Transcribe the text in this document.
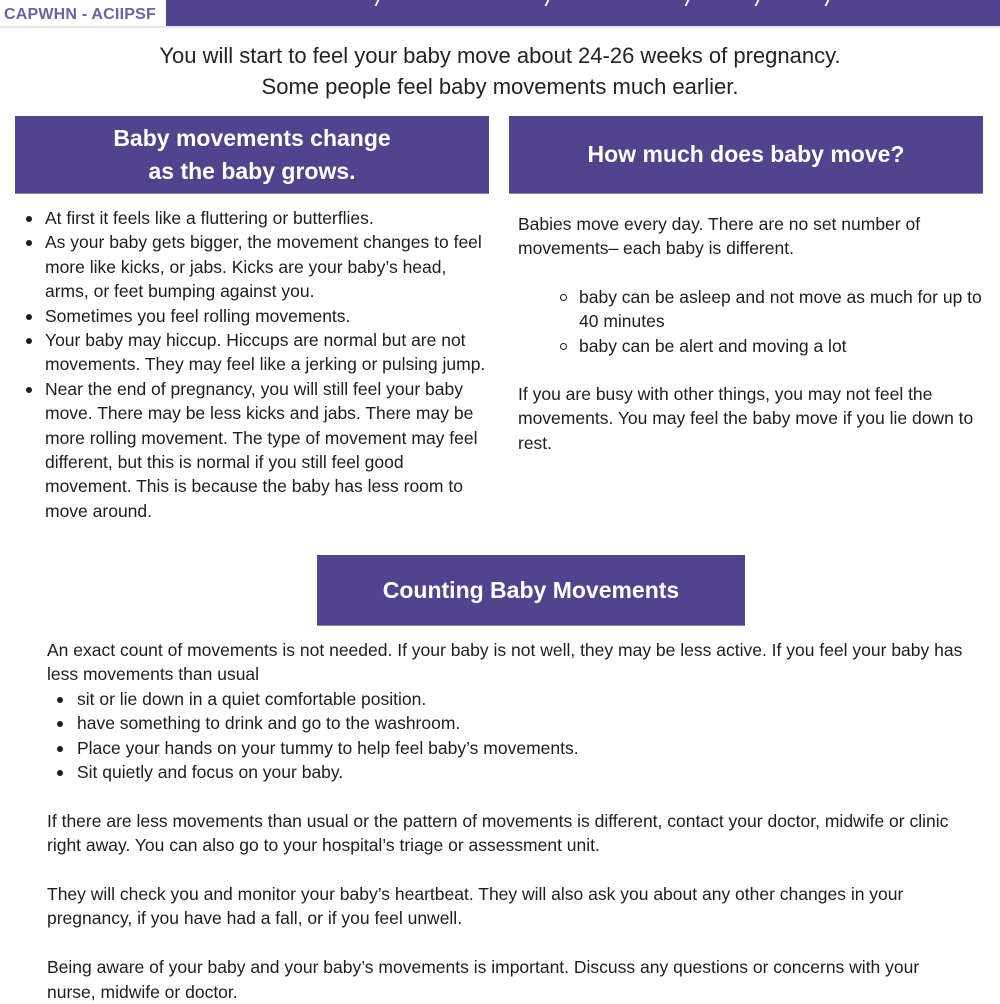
CAPWHN - ACIIPSF
You will start to feel your baby move about 24-26 weeks of pregnancy.
Some people feel baby movements much earlier.
Baby movements change
as the baby grows.
How much does baby move?
At first it feels like a fluttering or butterflies.
As your baby gets bigger, the movement changes to feel more like kicks, or jabs. Kicks are your baby’s head, arms, or feet bumping against you.
Sometimes you feel rolling movements.
Your baby may hiccup. Hiccups are normal but are not movements. They may feel like a jerking or pulsing jump.
Near the end of pregnancy, you will still feel your baby move. There may be less kicks and jabs. There may be more rolling movement. The type of movement may feel different, but this is normal if you still feel good movement. This is because the baby has less room to move around.

Babies move every day. There are no set number of movements– each baby is different.

baby can be asleep and not move as much for up to 40 minutes
baby can be alert and moving a lot

If you are busy with other things, you may not feel the movements. You may feel the baby move if you lie down to rest.

Counting Baby Movements

An exact count of movements is not needed. If your baby is not well, they may be less active. If you feel your baby has less movements than usual

sit or lie down in a quiet comfortable position.
have something to drink and go to the washroom.
Place your hands on your tummy to help feel baby’s movements.
Sit quietly and focus on your baby.

If there are less movements than usual or the pattern of movements is different, contact your doctor, midwife or clinic right away. You can also go to your hospital’s triage or assessment unit.

They will check you and monitor your baby’s heartbeat. They will also ask you about any other changes in your pregnancy, if you have had a fall, or if you feel unwell.

Being aware of your baby and your baby’s movements is important. Discuss any questions or concerns with your nurse, midwife or doctor.
